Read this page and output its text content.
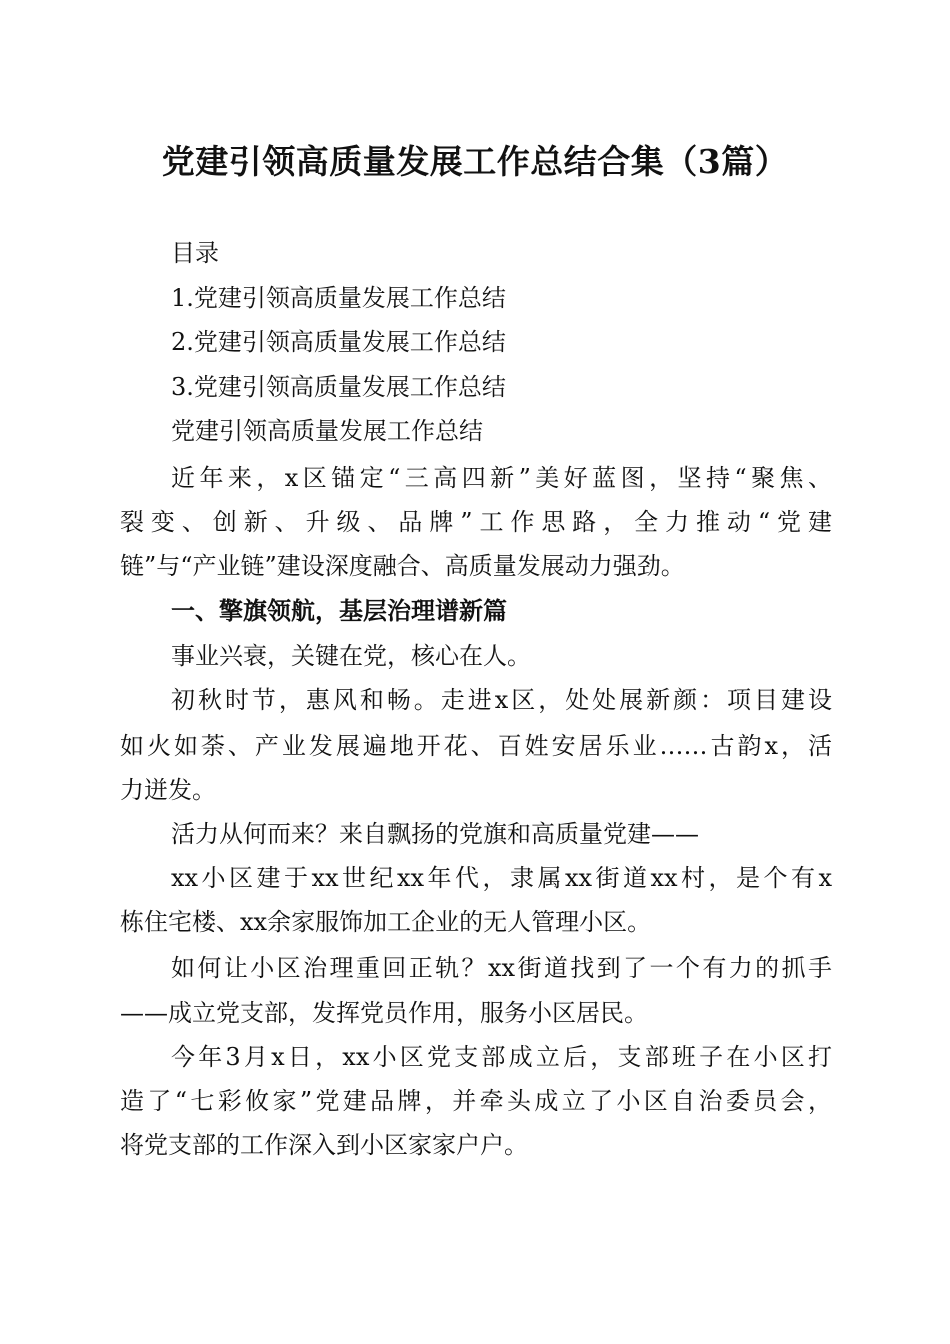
党建引领高质量发展工作总结合集（3篇）
目录
1.党建引领高质量发展工作总结
2.党建引领高质量发展工作总结
3.党建引领高质量发展工作总结
党建引领高质量发展工作总结
近年来，x区锚定“三高四新”美好蓝图，坚持“聚焦、
裂变、创新、升级、品牌”工作思路，全力推动“党建
链”与“产业链”建设深度融合、高质量发展动力强劲。
一、擎旗领航，基层治理谱新篇
事业兴衰，关键在党，核心在人。
初秋时节，惠风和畅。走进x区，处处展新颜：项目建设
如火如荼、产业发展遍地开花、百姓安居乐业……古韵x，活
力迸发。
活力从何而来？来自飘扬的党旗和高质量党建——
xx小区建于xx世纪xx年代，隶属xx街道xx村，是个有x
栋住宅楼、xx余家服饰加工企业的无人管理小区。
如何让小区治理重回正轨？xx街道找到了一个有力的抓手
——成立党支部，发挥党员作用，服务小区居民。
今年3月x日，xx小区党支部成立后，支部班子在小区打
造了“七彩攸家”党建品牌，并牵头成立了小区自治委员会，
将党支部的工作深入到小区家家户户。
